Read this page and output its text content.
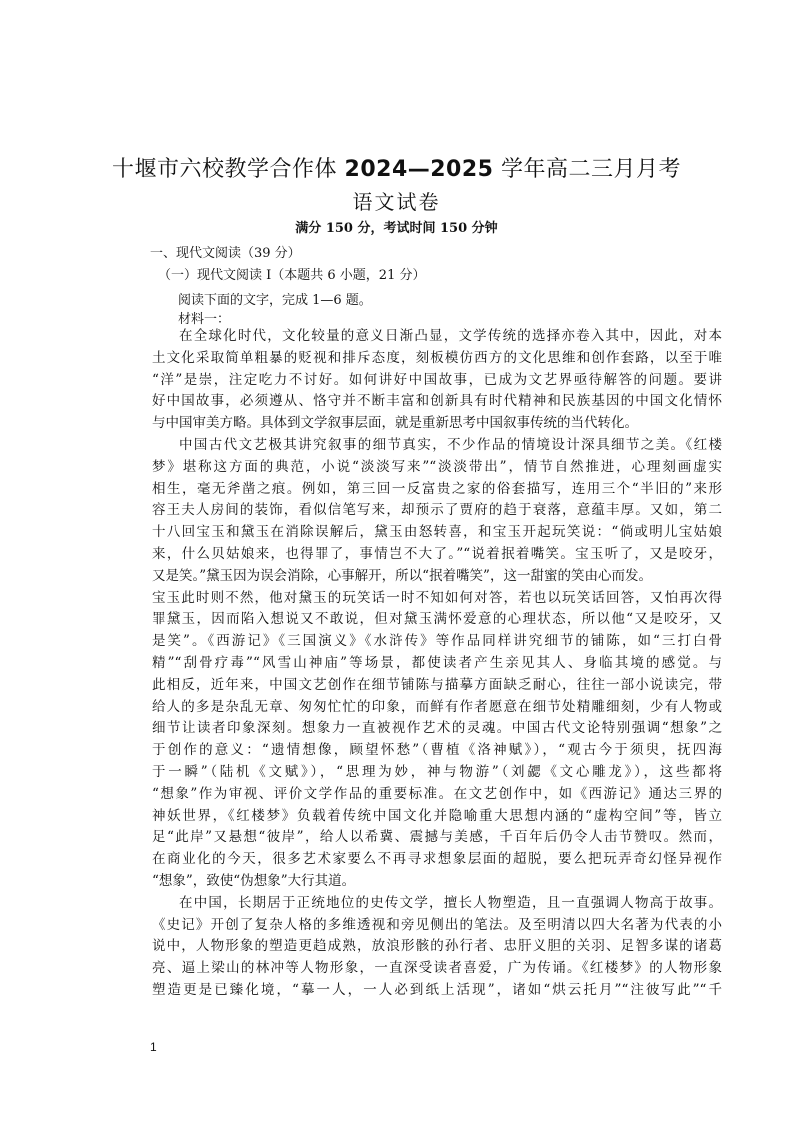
十堰市六校教学合作体 2024—2025 学年高二三月月考
语文试卷
满分 150 分，考试时间 150 分钟
一、现代文阅读（39 分）
（一）现代文阅读 I（本题共 6 小题，21 分）
阅读下面的文字，完成 1—6 题。
材料一：
在全球化时代，文化较量的意义日渐凸显，文学传统的选择亦卷入其中，因此，对本
土文化采取简单粗暴的贬视和排斥态度，刻板模仿西方的文化思维和创作套路，以至于唯
“洋”是崇，注定吃力不讨好。如何讲好中国故事，已成为文艺界亟待解答的问题。要讲
好中国故事，必须遵从、恪守并不断丰富和创新具有时代精神和民族基因的中国文化情怀
与中国审美方略。具体到文学叙事层面，就是重新思考中国叙事传统的当代转化。
中国古代文艺极其讲究叙事的细节真实，不少作品的情境设计深具细节之美。《红楼
梦》堪称这方面的典范，小说“淡淡写来”“淡淡带出”，情节自然推进，心理刻画虚实
相生，毫无斧凿之痕。例如，第三回一反富贵之家的俗套描写，连用三个“半旧的”来形
容王夫人房间的装饰，看似信笔写来，却预示了贾府的趋于衰落，意蕴丰厚。又如，第二
十八回宝玉和黛玉在消除误解后，黛玉由怒转喜，和宝玉开起玩笑说：“倘或明儿宝姑娘
来，什么贝姑娘来，也得罪了，事情岂不大了。”“说着抿着嘴笑。宝玉听了，又是咬牙，
又是笑。”黛玉因为误会消除，心事解开，所以“抿着嘴笑”，这一甜蜜的笑由心而发。
宝玉此时则不然，他对黛玉的玩笑话一时不知如何对答，若也以玩笑话回答，又怕再次得
罪黛玉，因而陷入想说又不敢说，但对黛玉满怀爱意的心理状态，所以他“又是咬牙，又
是笑”。《西游记》《三国演义》《水浒传》等作品同样讲究细节的铺陈，如“三打白骨
精”“刮骨疗毒”“风雪山神庙”等场景，都使读者产生亲见其人、身临其境的感觉。与
此相反，近年来，中国文艺创作在细节铺陈与描摹方面缺乏耐心，往往一部小说读完，带
给人的多是杂乱无章、匆匆忙忙的印象，而鲜有作者愿意在细节处精雕细刻，少有人物或
细节让读者印象深刻。想象力一直被视作艺术的灵魂。中国古代文论特别强调“想象”之
于创作的意义：“遗情想像，顾望怀愁”（曹植《洛神赋》），“观古今于须臾，抚四海
于一瞬”（陆机《文赋》），“思理为妙，神与物游”（刘勰《文心雕龙》），这些都将
“想象”作为审视、评价文学作品的重要标准。在文艺创作中，如《西游记》通达三界的
神妖世界，《红楼梦》负载着传统中国文化并隐喻重大思想内涵的“虚构空间”等，皆立
足“此岸”又悬想“彼岸”，给人以希冀、震撼与美感，千百年后仍令人击节赞叹。然而，
在商业化的今天，很多艺术家要么不再寻求想象层面的超脱，要么把玩弄奇幻怪异视作
“想象”，致使“伪想象”大行其道。
在中国，长期居于正统地位的史传文学，擅长人物塑造，且一直强调人物高于故事。
《史记》开创了复杂人格的多维透视和旁见侧出的笔法。及至明清以四大名著为代表的小
说中，人物形象的塑造更趋成熟，放浪形骸的孙行者、忠肝义胆的关羽、足智多谋的诸葛
亮、逼上梁山的林冲等人物形象，一直深受读者喜爱，广为传诵。《红楼梦》的人物形象
塑造更是已臻化境，“摹一人，一人必到纸上活现”，诸如“烘云托月”“注彼写此”“千
1
